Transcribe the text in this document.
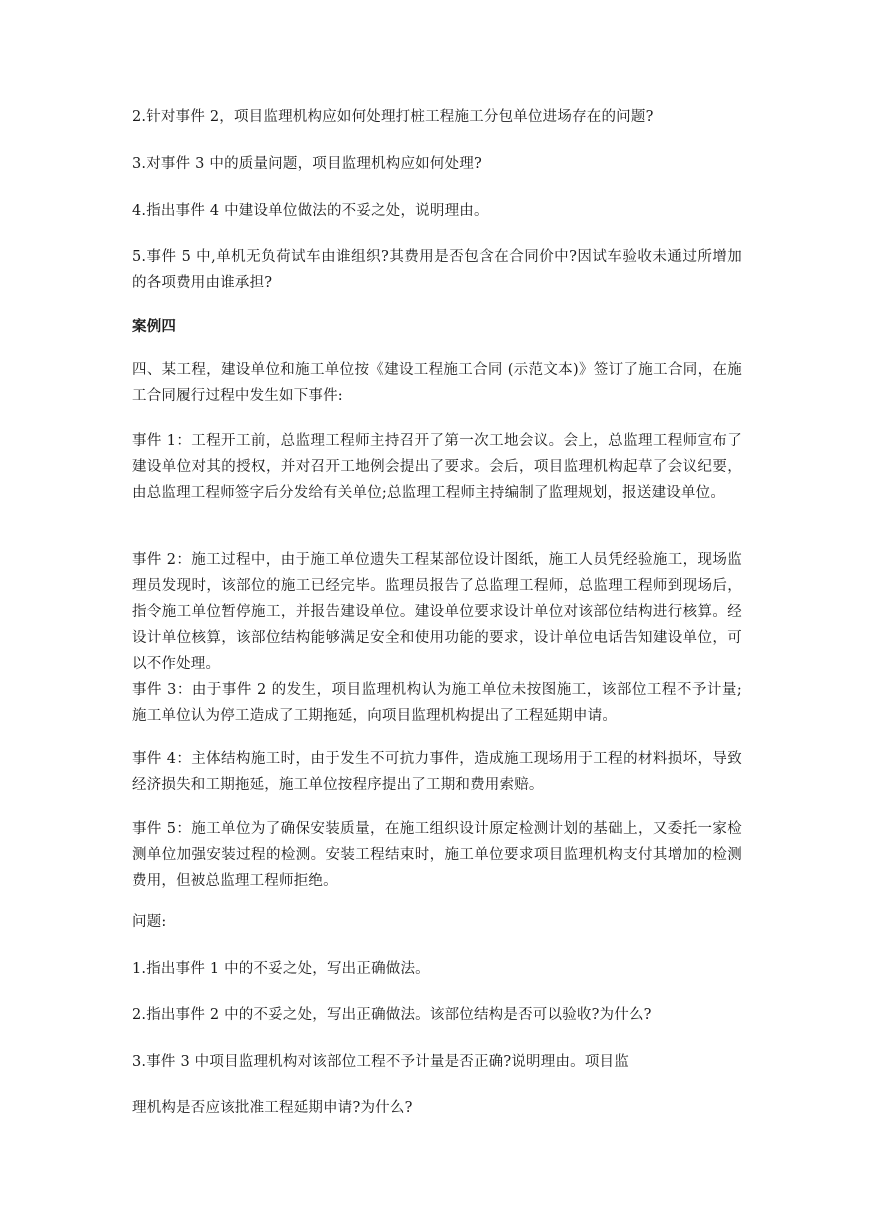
2.针对事件 2，项目监理机构应如何处理打桩工程施工分包单位进场存在的问题?

3.对事件 3 中的质量问题，项目监理机构应如何处理?

4.指出事件 4 中建设单位做法的不妥之处，说明理由。

5.事件 5 中,单机无负荷试车由谁组织?其费用是否包含在合同价中?因试车验收未通过所增加的各项费用由谁承担?

案例四

四、某工程，建设单位和施工单位按《建设工程施工合同 (示范文本)》签订了施工合同，在施工合同履行过程中发生如下事件:

事件 1：工程开工前，总监理工程师主持召开了第一次工地会议。会上，总监理工程师宣布了建设单位对其的授权，并对召开工地例会提出了要求。会后，项目监理机构起草了会议纪要，由总监理工程师签字后分发给有关单位;总监理工程师主持编制了监理规划，报送建设单位。

事件 2：施工过程中，由于施工单位遗失工程某部位设计图纸，施工人员凭经验施工，现场监理员发现时，该部位的施工已经完毕。监理员报告了总监理工程师，总监理工程师到现场后，指令施工单位暂停施工，并报告建设单位。建设单位要求设计单位对该部位结构进行核算。经设计单位核算，该部位结构能够满足安全和使用功能的要求，设计单位电话告知建设单位，可以不作处理。

事件 3：由于事件 2 的发生，项目监理机构认为施工单位未按图施工，该部位工程不予计量;施工单位认为停工造成了工期拖延，向项目监理机构提出了工程延期申请。

事件 4：主体结构施工时，由于发生不可抗力事件，造成施工现场用于工程的材料损坏，导致经济损失和工期拖延，施工单位按程序提出了工期和费用索赔。

事件 5：施工单位为了确保安装质量，在施工组织设计原定检测计划的基础上，又委托一家检测单位加强安装过程的检测。安装工程结束时，施工单位要求项目监理机构支付其增加的检测费用，但被总监理工程师拒绝。

问题:

1.指出事件 1 中的不妥之处，写出正确做法。

2.指出事件 2 中的不妥之处，写出正确做法。该部位结构是否可以验收?为什么?

3.事件 3 中项目监理机构对该部位工程不予计量是否正确?说明理由。项目监

理机构是否应该批准工程延期申请?为什么?
